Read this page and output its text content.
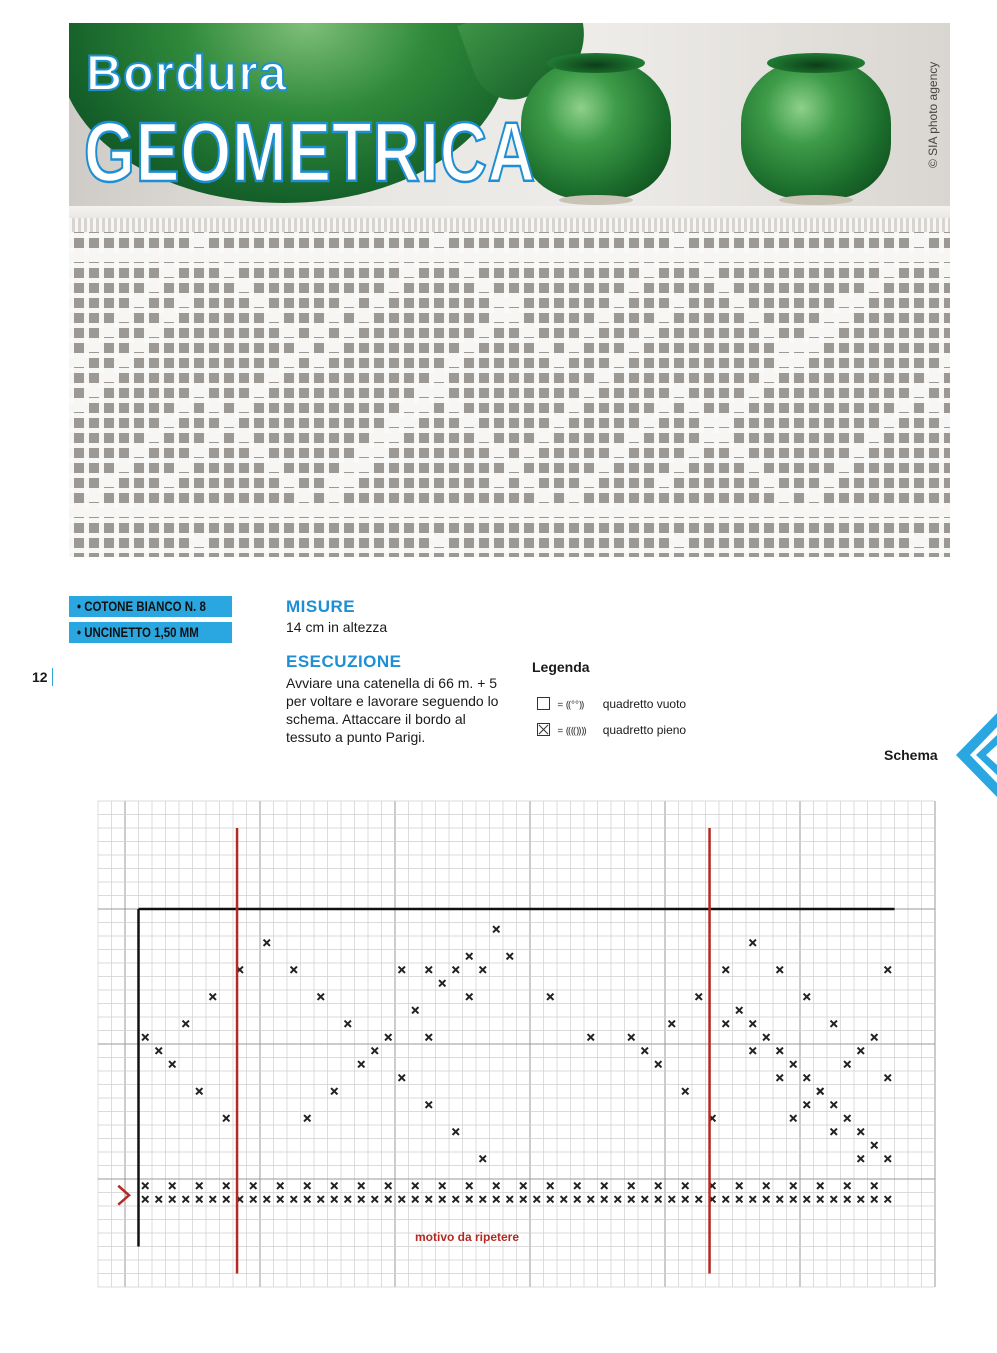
Bordura
GEOMETRICA	© SIA photo agency
• COTONE BIANCO N. 8
• UNCINETTO 1,50 MM
12
MISURE
14 cm in altezza
ESECUZIONE
Avviare una catenella di 66 m. + 5 per voltare e lavorare seguendo lo schema. Attaccare il bordo al tessuto a punto Parigi.
Legenda
= ⸨°°⸩ quadretto vuoto
= ⸨⸨⸩⸩ quadretto pieno
Schema
motivo da ripetere
